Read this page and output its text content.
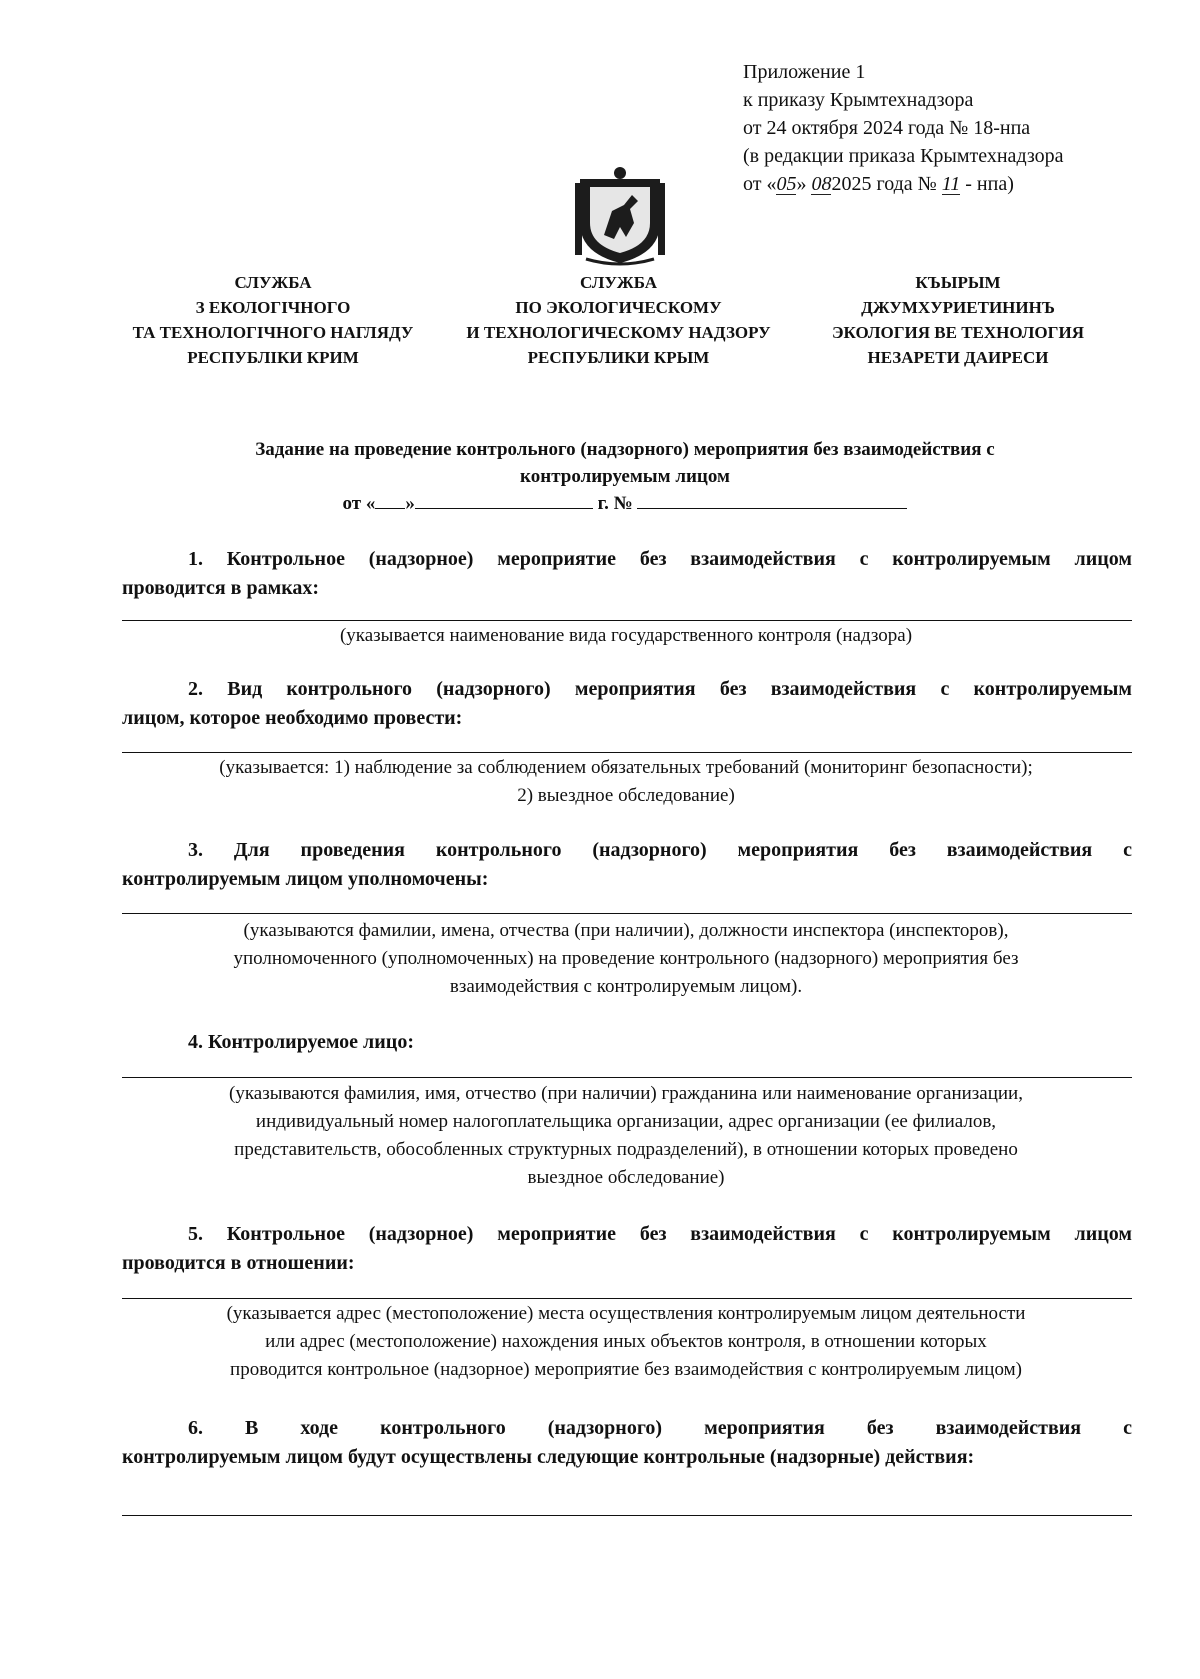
Приложение 1
к приказу Крымтехнадзора
от 24 октября 2024 года № 18-нпа
(в редакции приказа Крымтехнадзора
от «05» 082025 года № 11 - нпа)
СЛУЖБА
З ЕКОЛОГІЧНОГО
ТА ТЕХНОЛОГІЧНОГО НАГЛЯДУ
РЕСПУБЛІКИ КРИМ
СЛУЖБА
ПО ЭКОЛОГИЧЕСКОМУ
И ТЕХНОЛОГИЧЕСКОМУ НАДЗОРУ
РЕСПУБЛИКИ КРЫМ
КЪЫРЫМ
ДЖУМХУРИЕТИНИНЪ
ЭКОЛОГИЯ ВЕ ТЕХНОЛОГИЯ
НЕЗАРЕТИ ДАИРЕСИ
Задание на проведение контрольного (надзорного) мероприятия без взаимодействия с
контролируемым лицом
от « »	г. №
1. Контрольное (надзорное) мероприятие без взаимодействия с контролируемым лицом
проводится в рамках:
(указывается наименование вида государственного контроля (надзора)
2. Вид контрольного (надзорного) мероприятия без взаимодействия с контролируемым
лицом, которое необходимо провести:
(указывается: 1) наблюдение за соблюдением обязательных требований (мониторинг безопасности);
2) выездное обследование)
3. Для проведения контрольного (надзорного) мероприятия без взаимодействия с
контролируемым лицом уполномочены:
(указываются фамилии, имена, отчества (при наличии), должности инспектора (инспекторов),
уполномоченного (уполномоченных) на проведение контрольного (надзорного) мероприятия без
взаимодействия с контролируемым лицом).
4. Контролируемое лицо:
(указываются фамилия, имя, отчество (при наличии) гражданина или наименование организации,
индивидуальный номер налогоплательщика организации, адрес организации (ее филиалов,
представительств, обособленных структурных подразделений), в отношении которых проведено
выездное обследование)
5. Контрольное (надзорное) мероприятие без взаимодействия с контролируемым лицом
проводится в отношении:
(указывается адрес (местоположение) места осуществления контролируемым лицом деятельности
или адрес (местоположение) нахождения иных объектов контроля, в отношении которых
проводится контрольное (надзорное) мероприятие без взаимодействия с контролируемым лицом)
6. В ходе контрольного (надзорного) мероприятия без взаимодействия с
контролируемым лицом будут осуществлены следующие контрольные (надзорные) действия:
